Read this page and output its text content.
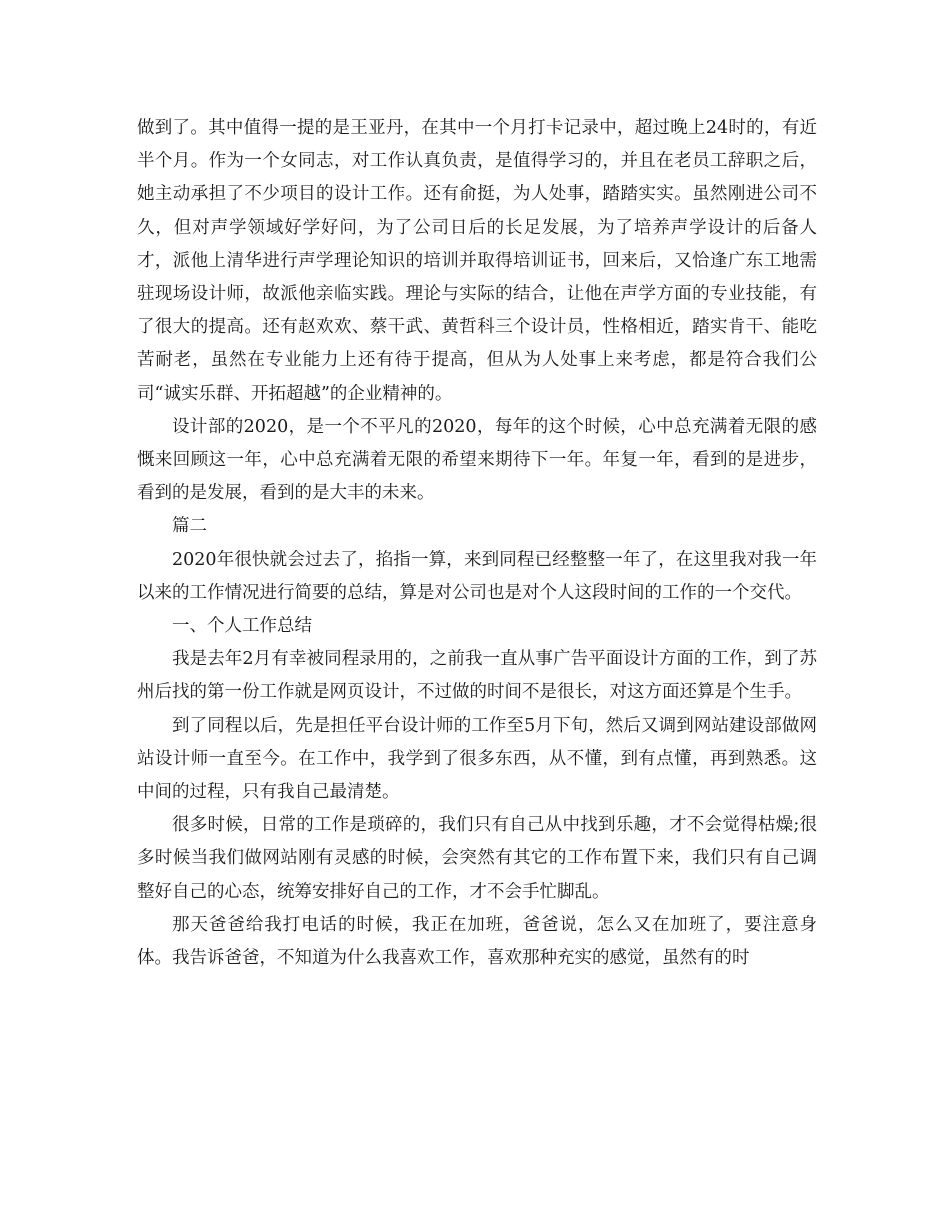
做到了。其中值得一提的是王亚丹，在其中一个月打卡记录中，超过晚上24时的，有近半个月。作为一个女同志，对工作认真负责，是值得学习的，并且在老员工辞职之后，她主动承担了不少项目的设计工作。还有俞挺，为人处事，踏踏实实。虽然刚进公司不久，但对声学领域好学好问，为了公司日后的长足发展，为了培养声学设计的后备人才，派他上清华进行声学理论知识的培训并取得培训证书，回来后，又恰逢广东工地需驻现场设计师，故派他亲临实践。理论与实际的结合，让他在声学方面的专业技能，有了很大的提高。还有赵欢欢、蔡干武、黄哲科三个设计员，性格相近，踏实肯干、能吃苦耐老，虽然在专业能力上还有待于提高，但从为人处事上来考虑，都是符合我们公司“诚实乐群、开拓超越”的企业精神的。

设计部的2020，是一个不平凡的2020，每年的这个时候，心中总充满着无限的感慨来回顾这一年，心中总充满着无限的希望来期待下一年。年复一年，看到的是进步，看到的是发展，看到的是大丰的未来。

篇二

2020年很快就会过去了，掐指一算，来到同程已经整整一年了，在这里我对我一年以来的工作情况进行简要的总结，算是对公司也是对个人这段时间的工作的一个交代。

一、个人工作总结

我是去年2月有幸被同程录用的，之前我一直从事广告平面设计方面的工作，到了苏州后找的第一份工作就是网页设计，不过做的时间不是很长，对这方面还算是个生手。

到了同程以后，先是担任平台设计师的工作至5月下旬，然后又调到网站建设部做网站设计师一直至今。在工作中，我学到了很多东西，从不懂，到有点懂，再到熟悉。这中间的过程，只有我自己最清楚。

很多时候，日常的工作是琐碎的，我们只有自己从中找到乐趣，才不会觉得枯燥;很多时候当我们做网站刚有灵感的时候，会突然有其它的工作布置下来，我们只有自己调整好自己的心态，统筹安排好自己的工作，才不会手忙脚乱。

那天爸爸给我打电话的时候，我正在加班，爸爸说，怎么又在加班了，要注意身体。我告诉爸爸，不知道为什么我喜欢工作，喜欢那种充实的感觉，虽然有的时
